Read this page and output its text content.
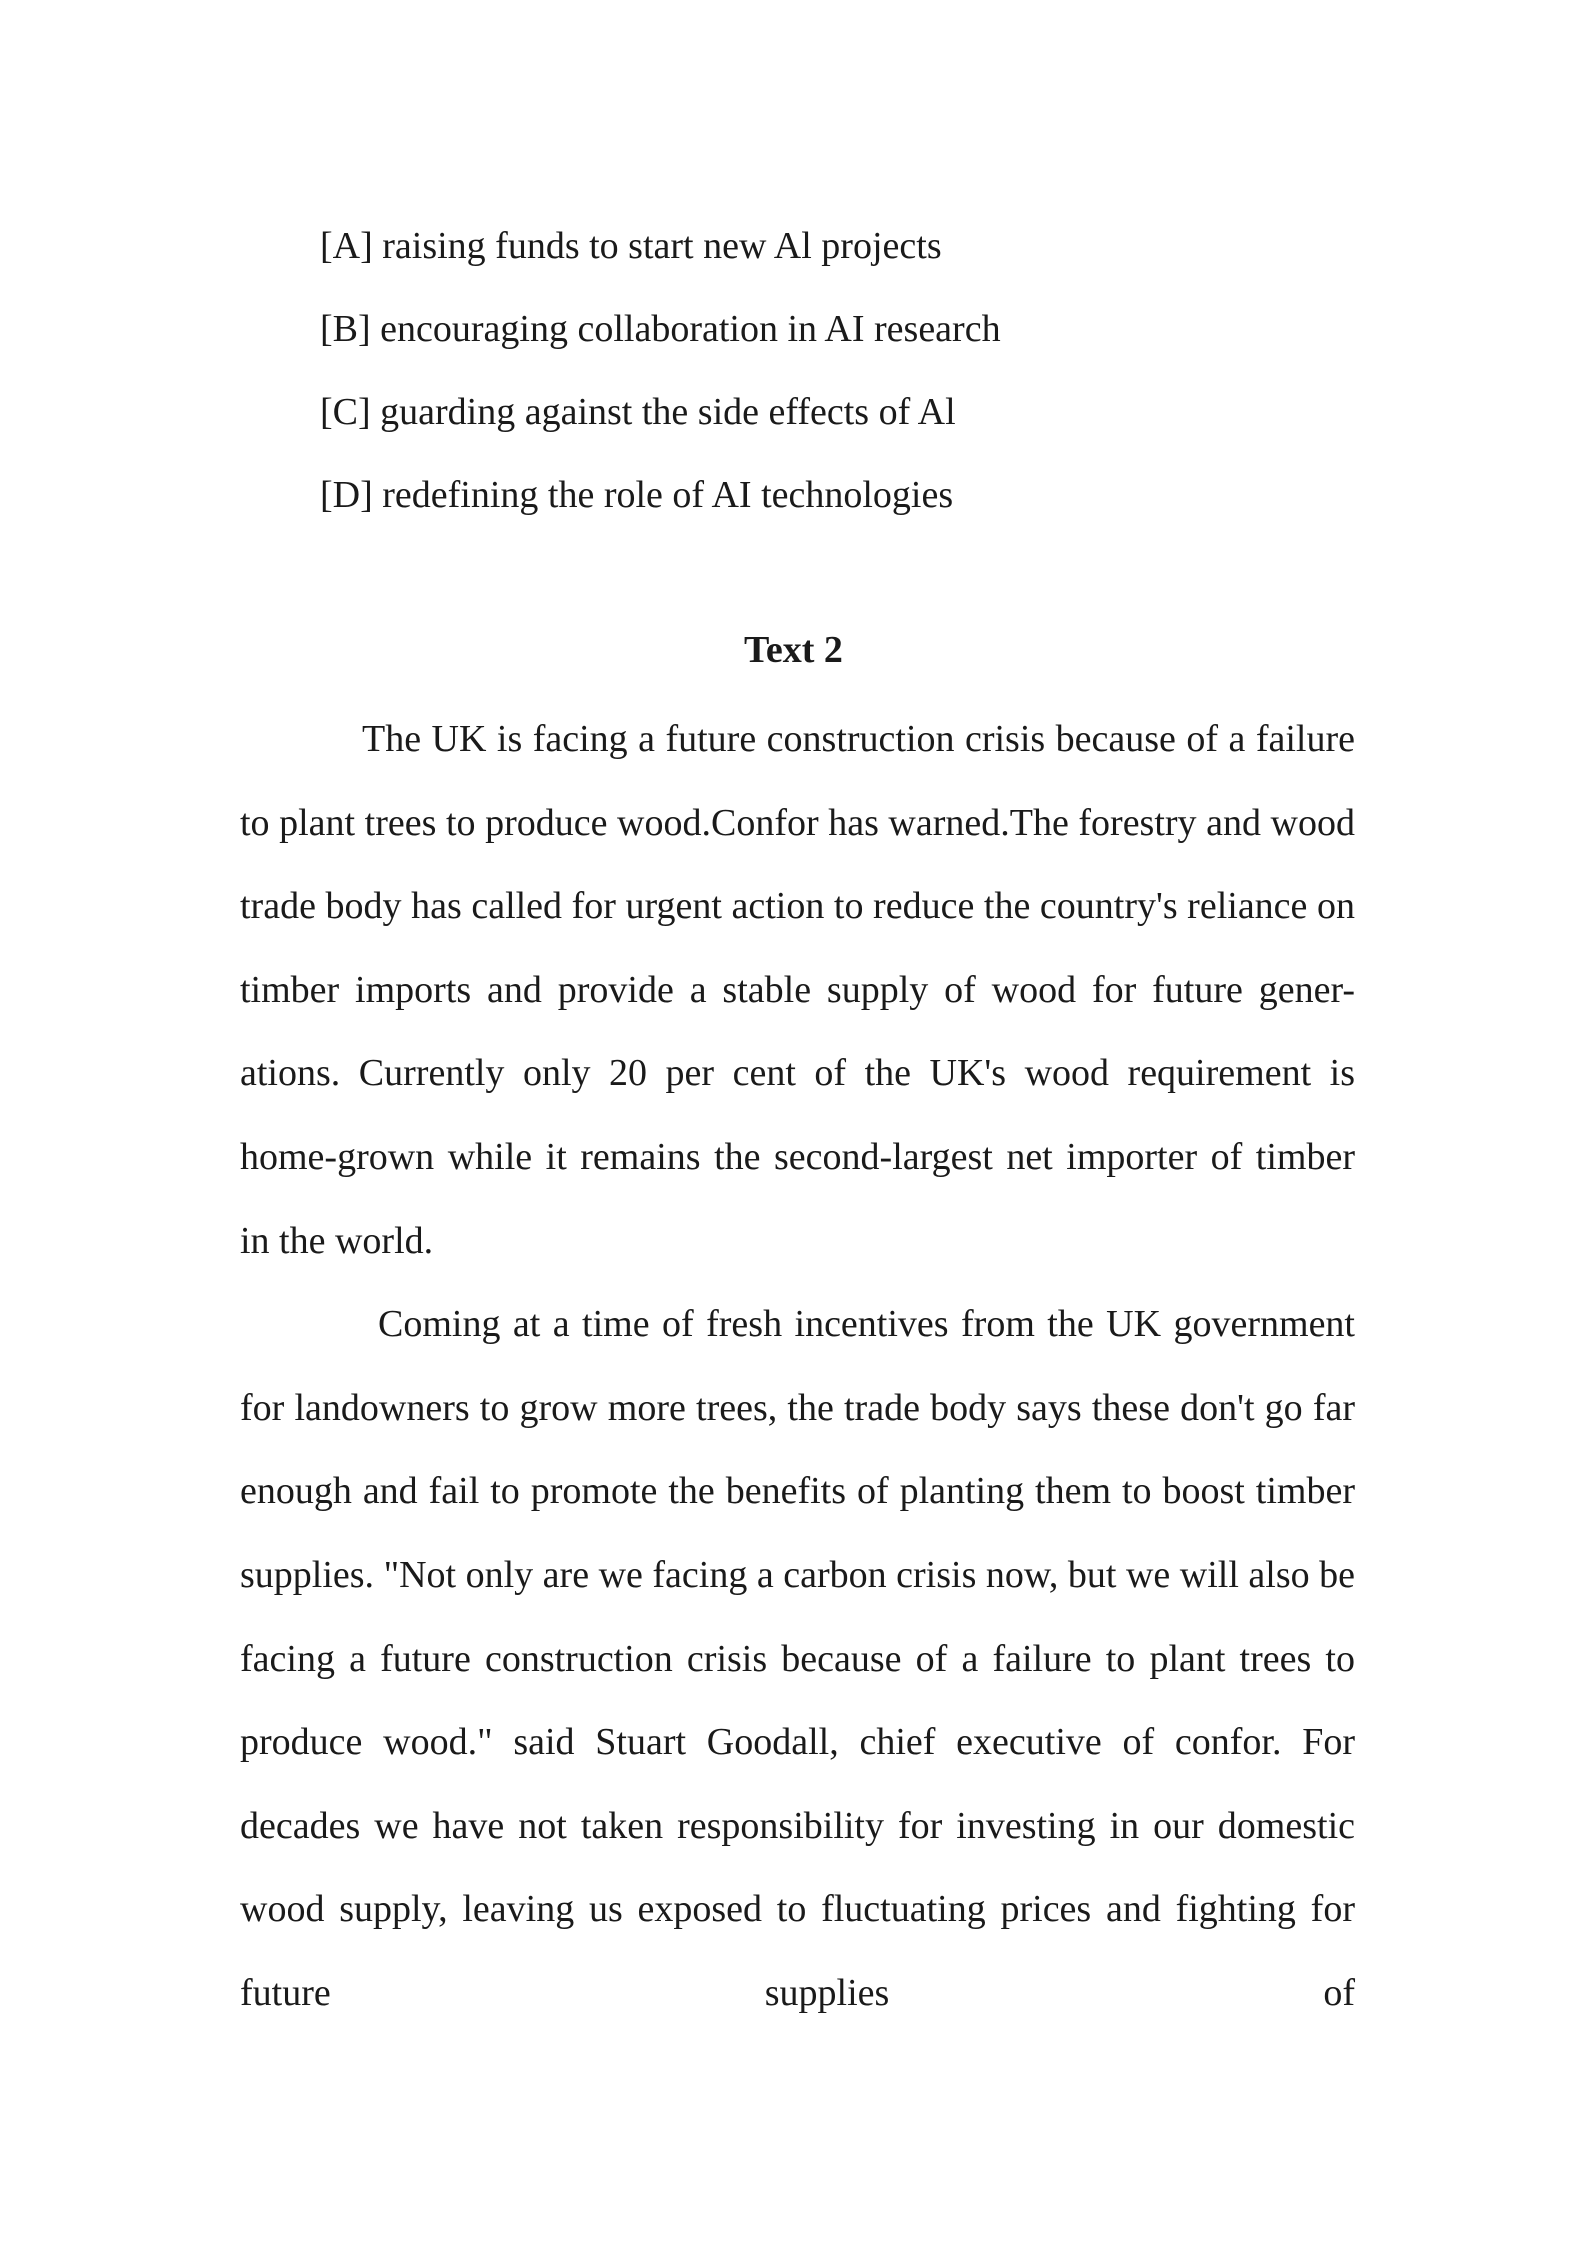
[A] raising funds to start new Al projects
[B] encouraging collaboration in AI research
[C] guarding against the side effects of Al
[D] redefining the role of AI technologies
Text 2

The UK is facing a future construction crisis because of a failure to plant trees to produce wood.Confor has warned.The forestry and wood trade body has called for urgent action to reduce the country's reliance on timber imports and provide a stable supply of wood for future gener-ations. Currently only 20 per cent of the UK's wood requirement is home-grown while it remains the second-largest net importer of timber in the world.

Coming at a time of fresh incentives from the UK government for landowners to grow more trees, the trade body says these don't go far enough and fail to promote the benefits of planting them to boost timber supplies. "Not only are we facing a carbon crisis now, but we will also be facing a future construction crisis because of a failure to plant trees to produce wood." said Stuart Goodall, chief executive of confor. For decades we have not taken responsibility for investing in our domestic wood supply, leaving us exposed to fluctuating prices and fighting for future supplies of
